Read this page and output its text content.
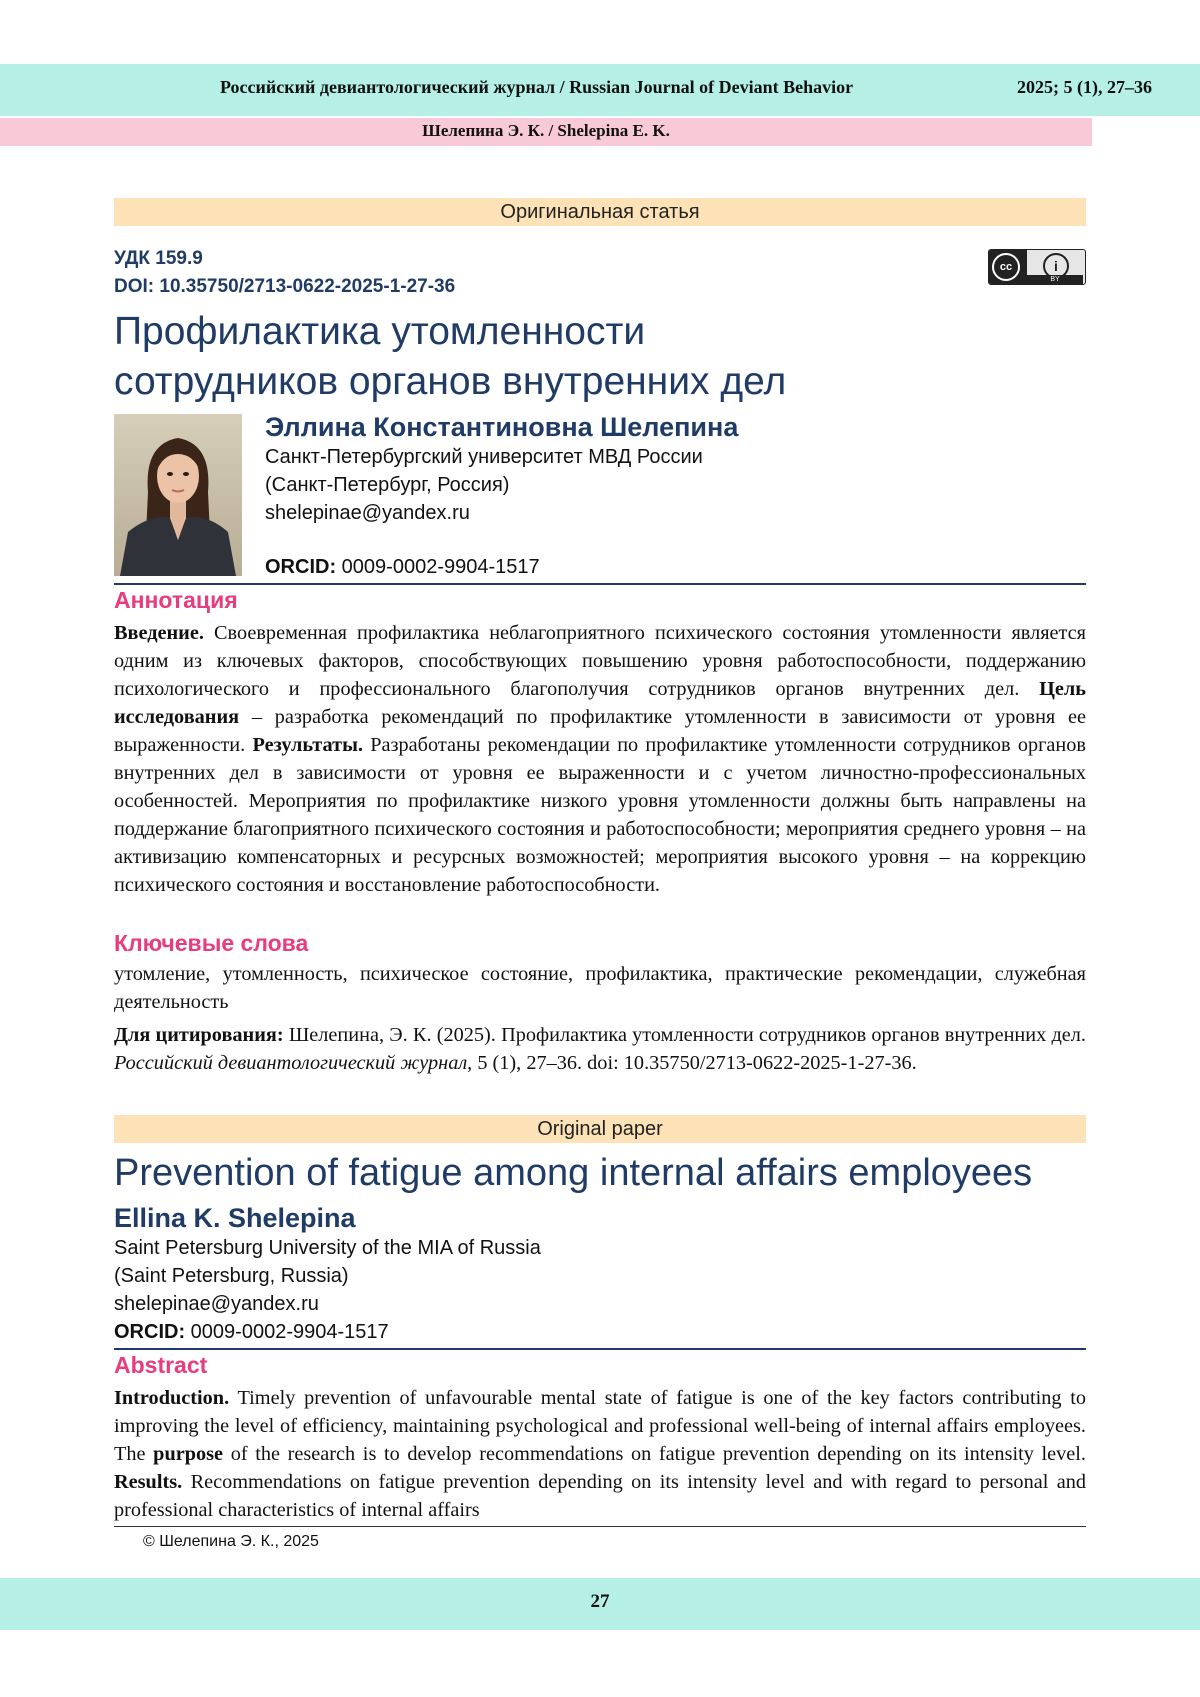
Российский девиантологический журнал / Russian Journal of Deviant Behavior	2025; 5 (1), 27–36
Шелепина Э. К. / Shelepina E. K.
Оригинальная статья
УДК 159.9
DOI: 10.35750/2713-0622-2025-1-27-36
cc	i
BY
Профилактика утомленности
сотрудников органов внутренних дел
Эллина Константиновна Шелепина
Санкт-Петербургский университет МВД России
(Санкт-Петербург, Россия)
shelepinae@yandex.ru
ORCID: 0009-0002-9904-1517
Аннотация
Введение. Своевременная профилактика неблагоприятного психического состояния утомленности является одним из ключевых факторов, способствующих повышению уровня работоспособности, поддержанию психологического и профессионального благополучия сотрудников органов внутренних дел. Цель исследования – разработка рекомендаций по профилактике утомленности в зависимости от уровня ее выраженности. Результаты. Разработаны рекомендации по профилактике утомленности сотрудников органов внутренних дел в зависимости от уровня ее выраженности и с учетом личностно-профессиональных особенностей. Мероприятия по профилактике низкого уровня утомленности должны быть направлены на поддержание благоприятного психического состояния и работоспособности; мероприятия среднего уровня – на активизацию компенсаторных и ресурсных возможностей; мероприятия высокого уровня – на коррекцию психического состояния и восстановление работоспособности.
Ключевые слова
утомление, утомленность, психическое состояние, профилактика, практические рекомендации, служебная деятельность
Для цитирования: Шелепина, Э. К. (2025). Профилактика утомленности сотрудников органов внутренних дел. Российский девиантологический журнал, 5 (1), 27–36. doi: 10.35750/2713-0622-2025-1-27-36.
Original paper
Prevention of fatigue among internal affairs employees
Ellina K. Shelepina
Saint Petersburg University of the MIA of Russia
(Saint Petersburg, Russia)
shelepinae@yandex.ru
ORCID: 0009-0002-9904-1517
Abstract
Introduction. Timely prevention of unfavourable mental state of fatigue is one of the key factors contributing to improving the level of efficiency, maintaining psychological and professional well-being of internal affairs employees. The purpose of the research is to develop recommendations on fatigue prevention depending on its intensity level. Results. Recommendations on fatigue prevention depending on its intensity level and with regard to personal and professional characteristics of internal affairs
© Шелепина Э. К., 2025
27
